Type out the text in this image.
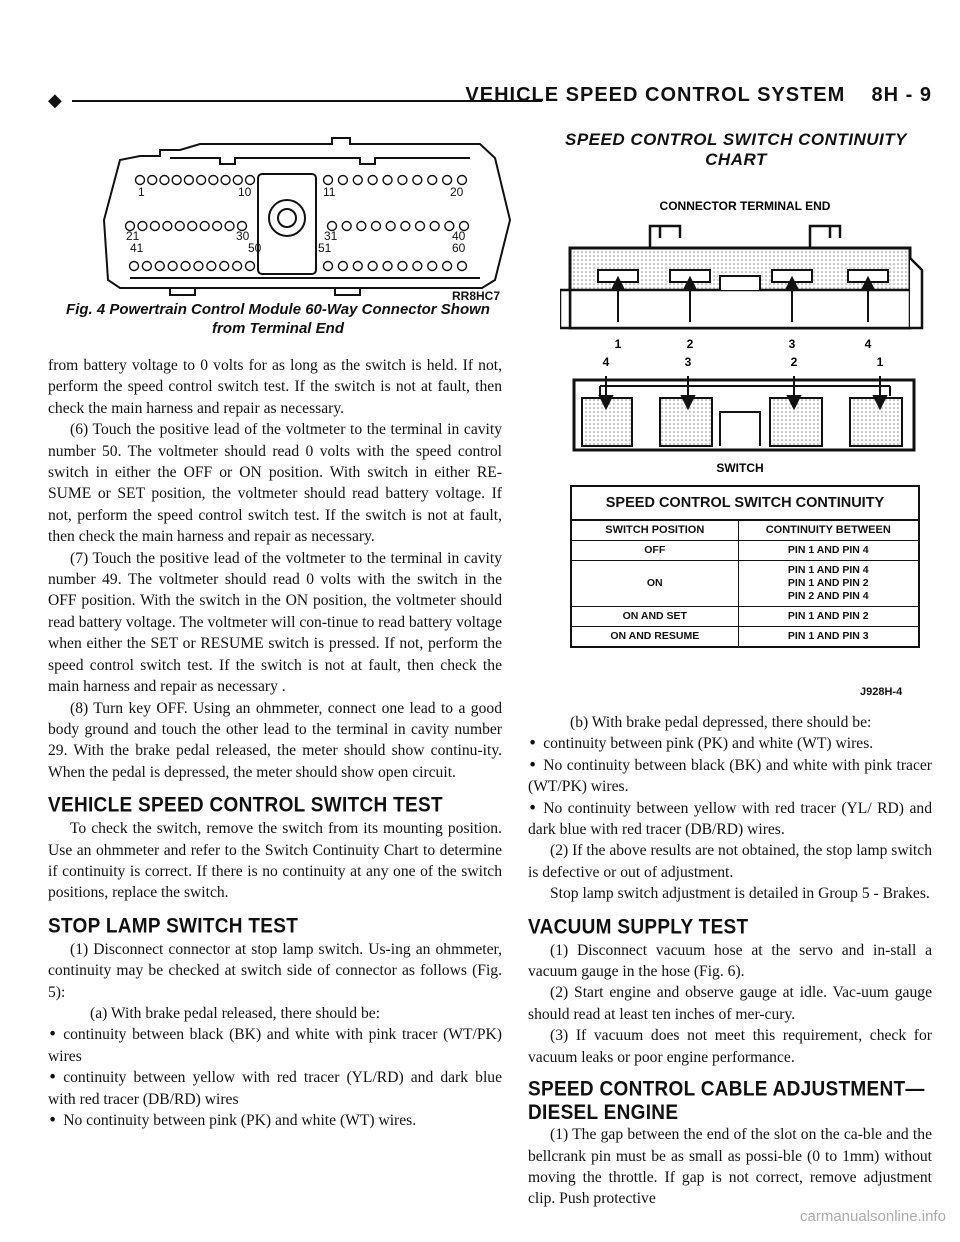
◆	VEHICLE SPEED CONTROL SYSTEM    8H - 9
1	10	11	20
21	30	31	40
41	50	51	60
RR8HC7
Fig. 4 Powertrain Control Module 60-Way Connector Shown from Terminal End

from battery voltage to 0 volts for as long as the switch is held. If not, perform the speed control switch test. If the switch is not at fault, then check the main harness and repair as necessary.

(6) Touch the positive lead of the voltmeter to the terminal in cavity number 50. The voltmeter should read 0 volts with the speed control switch in either the OFF or ON position. With switch in either RE-SUME or SET position, the voltmeter should read battery voltage. If not, perform the speed control switch test. If the switch is not at fault, then check the main harness and repair as necessary.

(7) Touch the positive lead of the voltmeter to the terminal in cavity number 49. The voltmeter should read 0 volts with the switch in the OFF position. With the switch in the ON position, the voltmeter should read battery voltage. The voltmeter will con-tinue to read battery voltage when either the SET or RESUME switch is pressed. If not, perform the speed control switch test. If the switch is not at fault, then check the main harness and repair as necessary .

(8) Turn key OFF. Using an ohmmeter, connect one lead to a good body ground and touch the other lead to the terminal in cavity number 29. With the brake pedal released, the meter should show continu-ity. When the pedal is depressed, the meter should show open circuit.

VEHICLE SPEED CONTROL SWITCH TEST

To check the switch, remove the switch from its mounting position. Use an ohmmeter and refer to the Switch Continuity Chart to determine if continuity is correct. If there is no continuity at any one of the switch positions, replace the switch.

STOP LAMP SWITCH TEST

(1) Disconnect connector at stop lamp switch. Us-ing an ohmmeter, continuity may be checked at switch side of connector as follows (Fig. 5):

(a) With brake pedal released, there should be:

• continuity between black (BK) and white with pink tracer (WT/PK) wires

• continuity between yellow with red tracer (YL/RD) and dark blue with red tracer (DB/RD) wires

• No continuity between pink (PK) and white (WT) wires.

SPEED CONTROL SWITCH CONTINUITY CHART
CONNECTOR TERMINAL END
1	2	3	4
4	3	2	1
SWITCH
SPEED CONTROL SWITCH CONTINUITY	
SWITCH POSITION	CONTINUITY BETWEEN
OFF	PIN 1 AND PIN 4
ON	PIN 1 AND PIN 4
PIN 1 AND PIN 2
PIN 2 AND PIN 4

ON AND SET	PIN 1 AND PIN 2
ON AND RESUME	PIN 1 AND PIN 3
J928H-4

(b) With brake pedal depressed, there should be:

• continuity between pink (PK) and white (WT) wires.

• No continuity between black (BK) and white with pink tracer (WT/PK) wires.

• No continuity between yellow with red tracer (YL/ RD) and dark blue with red tracer (DB/RD) wires.

(2) If the above results are not obtained, the stop lamp switch is defective or out of adjustment.

Stop lamp switch adjustment is detailed in Group 5 - Brakes.

VACUUM SUPPLY TEST

(1) Disconnect vacuum hose at the servo and in-stall a vacuum gauge in the hose (Fig. 6).

(2) Start engine and observe gauge at idle. Vac-uum gauge should read at least ten inches of mer-cury.

(3) If vacuum does not meet this requirement, check for vacuum leaks or poor engine performance.

SPEED CONTROL CABLE ADJUSTMENT—DIESEL ENGINE

(1) The gap between the end of the slot on the ca-ble and the bellcrank pin must be as small as possi-ble (0 to 1mm) without moving the throttle. If gap is not correct, remove adjustment clip. Push protective

carmanualsonline.info
